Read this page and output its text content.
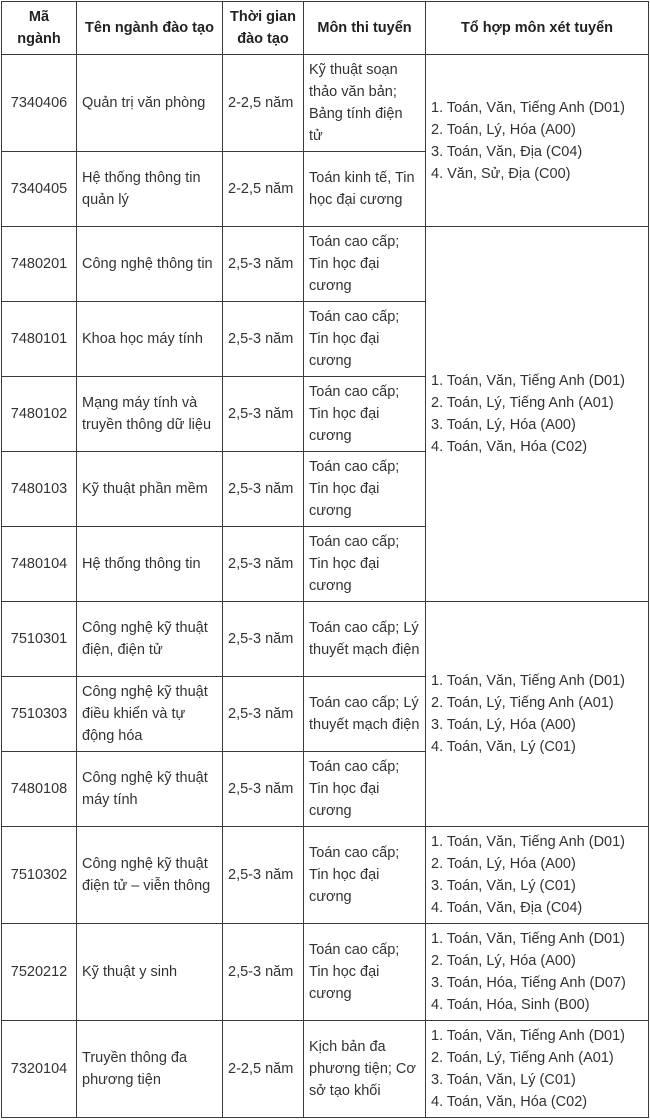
Mã ngành	Tên ngành đào tạo	Thời gian đào tạo	Môn thi tuyển	Tổ hợp môn xét tuyển
7340406	Quản trị văn phòng	2-2,5 năm	Kỹ thuật soạn thảo văn bản; Bảng tính điện tử	1. Toán, Văn, Tiếng Anh (D01)
2. Toán, Lý, Hóa (A00)
3. Toán, Văn, Địa (C04)
4. Văn, Sử, Địa (C00)

7340405	Hệ thống thông tin quản lý	2-2,5 năm	Toán kinh tế, Tin học đại cương	
7480201	Công nghệ thông tin	2,5-3 năm	Toán cao cấp; Tin học đại cương	1. Toán, Văn, Tiếng Anh (D01)
2. Toán, Lý, Tiếng Anh (A01)
3. Toán, Lý, Hóa (A00)
4. Toán, Văn, Hóa (C02)

7480101	Khoa học máy tính	2,5-3 năm	Toán cao cấp; Tin học đại cương	
7480102	Mạng máy tính và truyền thông dữ liệu	2,5-3 năm	Toán cao cấp; Tin học đại cương	
7480103	Kỹ thuật phần mềm	2,5-3 năm	Toán cao cấp; Tin học đại cương	
7480104	Hệ thống thông tin	2,5-3 năm	Toán cao cấp; Tin học đại cương	
7510301	Công nghệ kỹ thuật điện, điện tử	2,5-3 năm	Toán cao cấp; Lý thuyết mạch điện	1. Toán, Văn, Tiếng Anh (D01)
2. Toán, Lý, Tiếng Anh (A01)
3. Toán, Lý, Hóa (A00)
4. Toán, Văn, Lý (C01)

7510303	Công nghệ kỹ thuật điều khiển và tự động hóa	2,5-3 năm	Toán cao cấp; Lý thuyết mạch điện	
7480108	Công nghệ kỹ thuật máy tính	2,5-3 năm	Toán cao cấp; Tin học đại cương	
7510302	Công nghệ kỹ thuật điện tử – viễn thông	2,5-3 năm	Toán cao cấp; Tin học đại cương	1. Toán, Văn, Tiếng Anh (D01)
2. Toán, Lý, Hóa (A00)
3. Toán, Văn, Lý (C01)
4. Toán, Văn, Địa (C04)

7520212	Kỹ thuật y sinh	2,5-3 năm	Toán cao cấp; Tin học đại cương	1. Toán, Văn, Tiếng Anh (D01)
2. Toán, Lý, Hóa (A00)
3. Toán, Hóa, Tiếng Anh (D07)
4. Toán, Hóa, Sinh (B00)

7320104	Truyền thông đa phương tiện	2-2,5 năm	Kịch bản đa phương tiện; Cơ sở tạo khối	1. Toán, Văn, Tiếng Anh (D01)
2. Toán, Lý, Tiếng Anh (A01)
3. Toán, Văn, Lý (C01)
4. Toán, Văn, Hóa (C02)
